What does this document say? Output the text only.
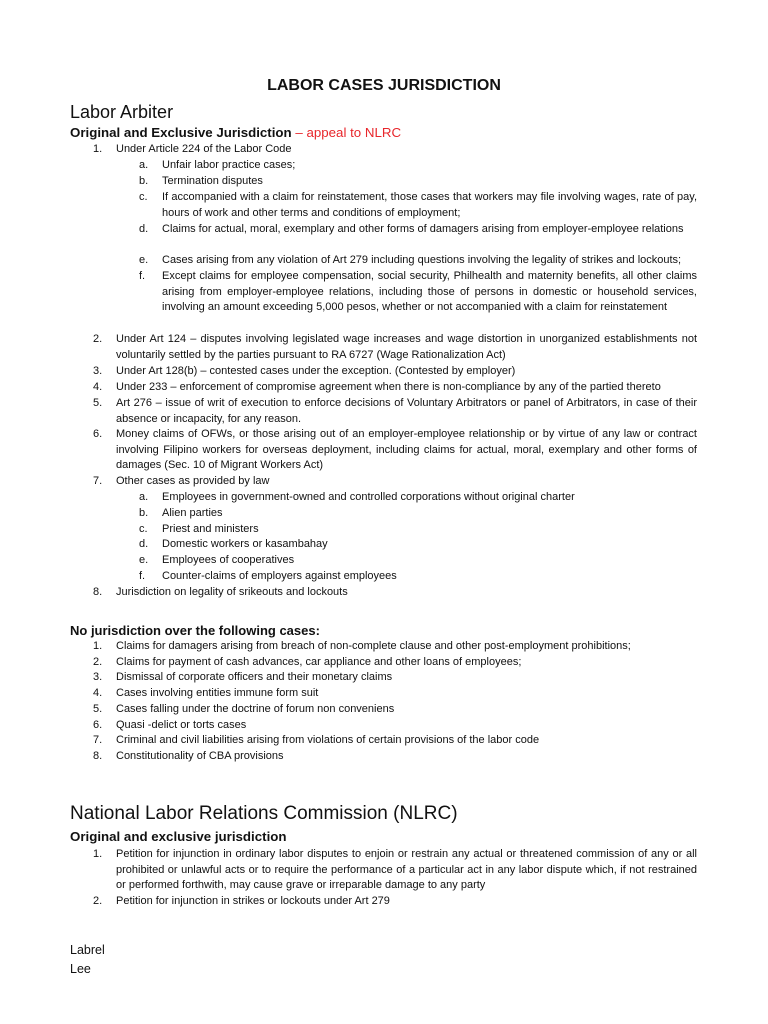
LABOR CASES JURISDICTION
Labor Arbiter
Original and Exclusive Jurisdiction – appeal to NLRC
1.	Under Article 224 of the Labor Code
a.	Unfair labor practice cases;
b.	Termination disputes
c.	If accompanied with a claim for reinstatement, those cases that workers may file involving wages, rate of pay, hours of work and other terms and conditions of employment;
d.	Claims for actual, moral, exemplary and other forms of damagers arising from employer-employee relations
e.	Cases arising from any violation of Art 279 including questions involving the legality of strikes and lockouts;
f.	Except claims for employee compensation, social security, Philhealth and maternity benefits, all other claims arising from employer-employee relations, including those of persons in domestic or household services, involving an amount exceeding 5,000 pesos, whether or not accompanied with a claim for reinstatement
2.	Under Art 124 – disputes involving legislated wage increases and wage distortion in unorganized establishments not voluntarily settled by the parties pursuant to RA 6727 (Wage Rationalization Act)
3.	Under Art 128(b) – contested cases under the exception. (Contested by employer)
4.	Under 233 – enforcement of compromise agreement when there is non-compliance by any of the partied thereto
5.	Art 276 – issue of writ of execution to enforce decisions of Voluntary Arbitrators or panel of Arbitrators, in case of their absence or incapacity, for any reason.
6.	Money claims of OFWs, or those arising out of an employer-employee relationship or by virtue of any law or contract involving Filipino workers for overseas deployment, including claims for actual, moral, exemplary and other forms of damages (Sec. 10 of Migrant Workers Act)
7.	Other cases as provided by law
a.	Employees in government-owned and controlled corporations without original charter
b.	Alien parties
c.	Priest and ministers
d.	Domestic workers or kasambahay
e.	Employees of cooperatives
f.	Counter-claims of employers against employees
8.	Jurisdiction on legality of srikeouts and lockouts
No jurisdiction over the following cases:
1.	Claims for damagers arising from breach of non-complete clause and other post-employment prohibitions;
2.	Claims for payment of cash advances, car appliance and other loans of employees;
3.	Dismissal of corporate officers and their monetary claims
4.	Cases involving entities immune form suit
5.	Cases falling under the doctrine of forum non conveniens
6.	Quasi -delict or torts cases
7.	Criminal and civil liabilities arising from violations of certain provisions of the labor code
8.	Constitutionality of CBA provisions
National Labor Relations Commission (NLRC)
Original and exclusive jurisdiction
1.	Petition for injunction in ordinary labor disputes to enjoin or restrain any actual or threatened commission of any or all prohibited or unlawful acts or to require the performance of a particular act in any labor dispute which, if not restrained or performed forthwith, may cause grave or irreparable damage to any party
2.	Petition for injunction in strikes or lockouts under Art 279
Labrel
Lee
